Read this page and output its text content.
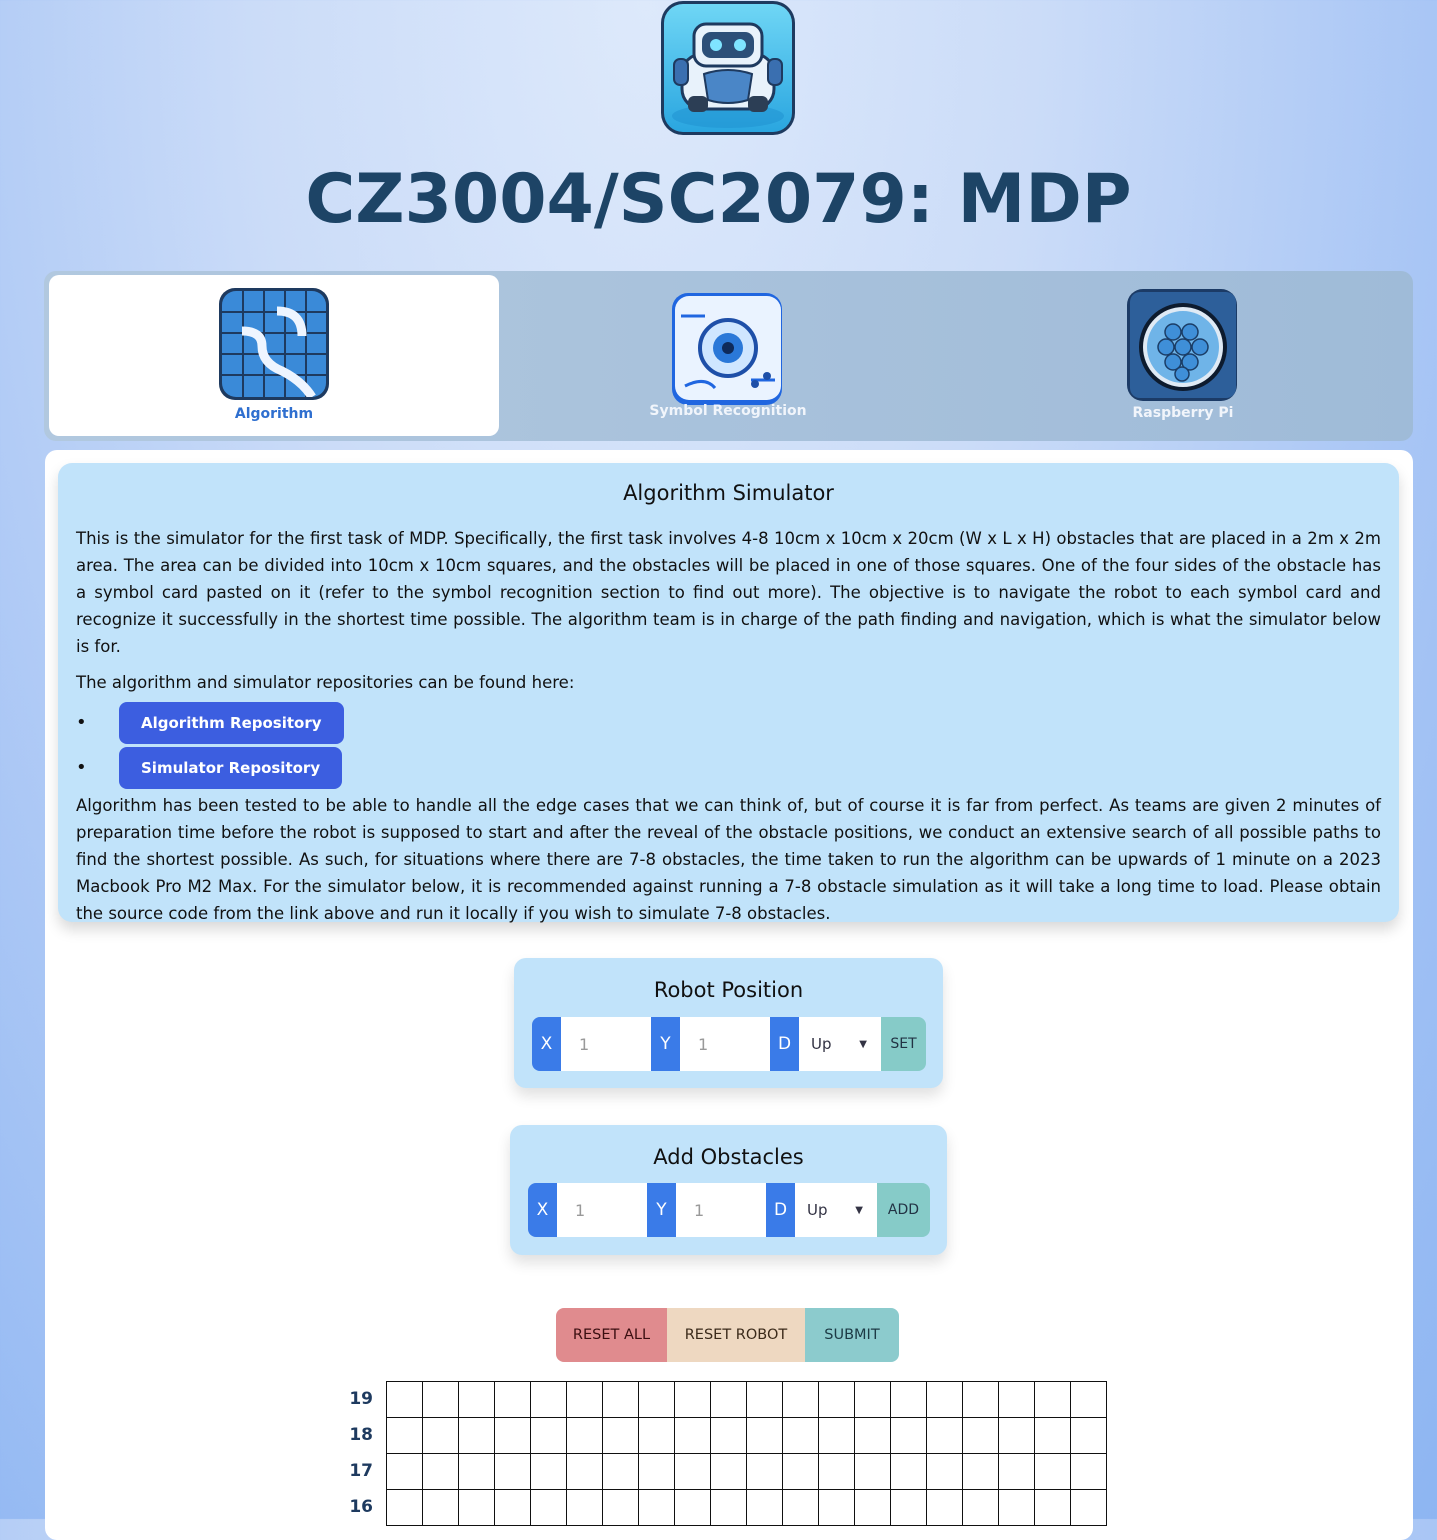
CZ3004/SC2079: MDP
Algorithm	Symbol Recognition	Raspberry Pi
Algorithm Simulator

This is the simulator for the first task of MDP. Specifically, the first task involves 4-8 10cm x 10cm x 20cm (W x L x H) obstacles that are placed in a 2m x 2m area. The area can be divided into 10cm x 10cm squares, and the obstacles will be placed in one of those squares. One of the four sides of the obstacle has a symbol card pasted on it (refer to the symbol recognition section to find out more). The objective is to navigate the robot to each symbol card and recognize it successfully in the shortest time possible. The algorithm team is in charge of the path finding and navigation, which is what the simulator below is for.

The algorithm and simulator repositories can be found here:

•	Algorithm Repository
•	Simulator Repository

Algorithm has been tested to be able to handle all the edge cases that we can think of, but of course it is far from perfect. As teams are given 2 minutes of preparation time before the robot is supposed to start and after the reveal of the obstacle positions, we conduct an extensive search of all possible paths to find the shortest possible. As such, for situations where there are 7-8 obstacles, the time taken to run the algorithm can be upwards of 1 minute on a 2023 Macbook Pro M2 Max. For the simulator below, it is recommended against running a 7-8 obstacle simulation as it will take a long time to load. Please obtain the source code from the link above and run it locally if you wish to simulate 7-8 obstacles.

Robot Position
X	1	Y	1	D	Up	▼	SET
Add Obstacles
X	1	Y	1	D	Up	▼	ADD
RESET ALL	RESET ROBOT	SUBMIT
19
18
17
16
